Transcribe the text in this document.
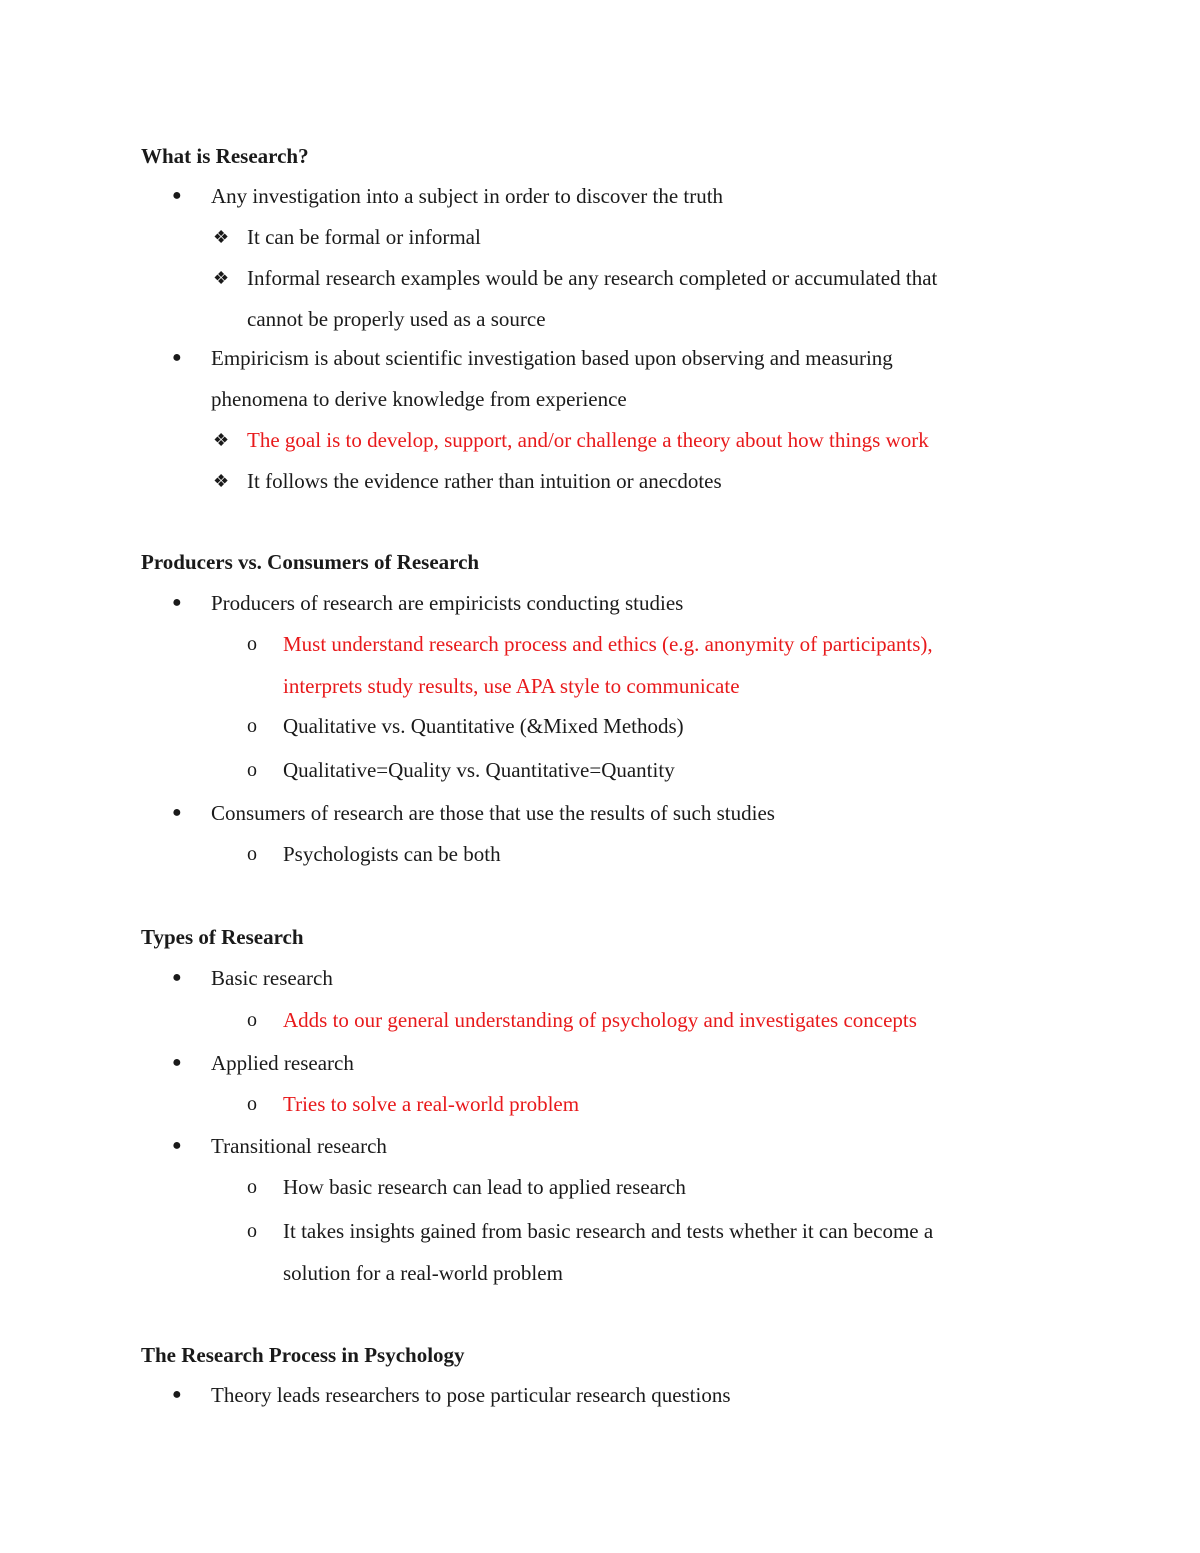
What is Research?
● Any investigation into a subject in order to discover the truth
❖ It can be formal or informal
❖ Informal research examples would be any research completed or accumulated that
cannot be properly used as a source
● Empiricism is about scientific investigation based upon observing and measuring
phenomena to derive knowledge from experience
❖ The goal is to develop, support, and/or challenge a theory about how things work
❖ It follows the evidence rather than intuition or anecdotes
Producers vs. Consumers of Research
● Producers of research are empiricists conducting studies
o Must understand research process and ethics (e.g. anonymity of participants),
interprets study results, use APA style to communicate
o Qualitative vs. Quantitative (&Mixed Methods)
o Qualitative=Quality vs. Quantitative=Quantity
● Consumers of research are those that use the results of such studies
o Psychologists can be both
Types of Research
● Basic research
o Adds to our general understanding of psychology and investigates concepts
● Applied research
o Tries to solve a real-world problem
● Transitional research
o How basic research can lead to applied research
o It takes insights gained from basic research and tests whether it can become a
solution for a real-world problem
The Research Process in Psychology
● Theory leads researchers to pose particular research questions
